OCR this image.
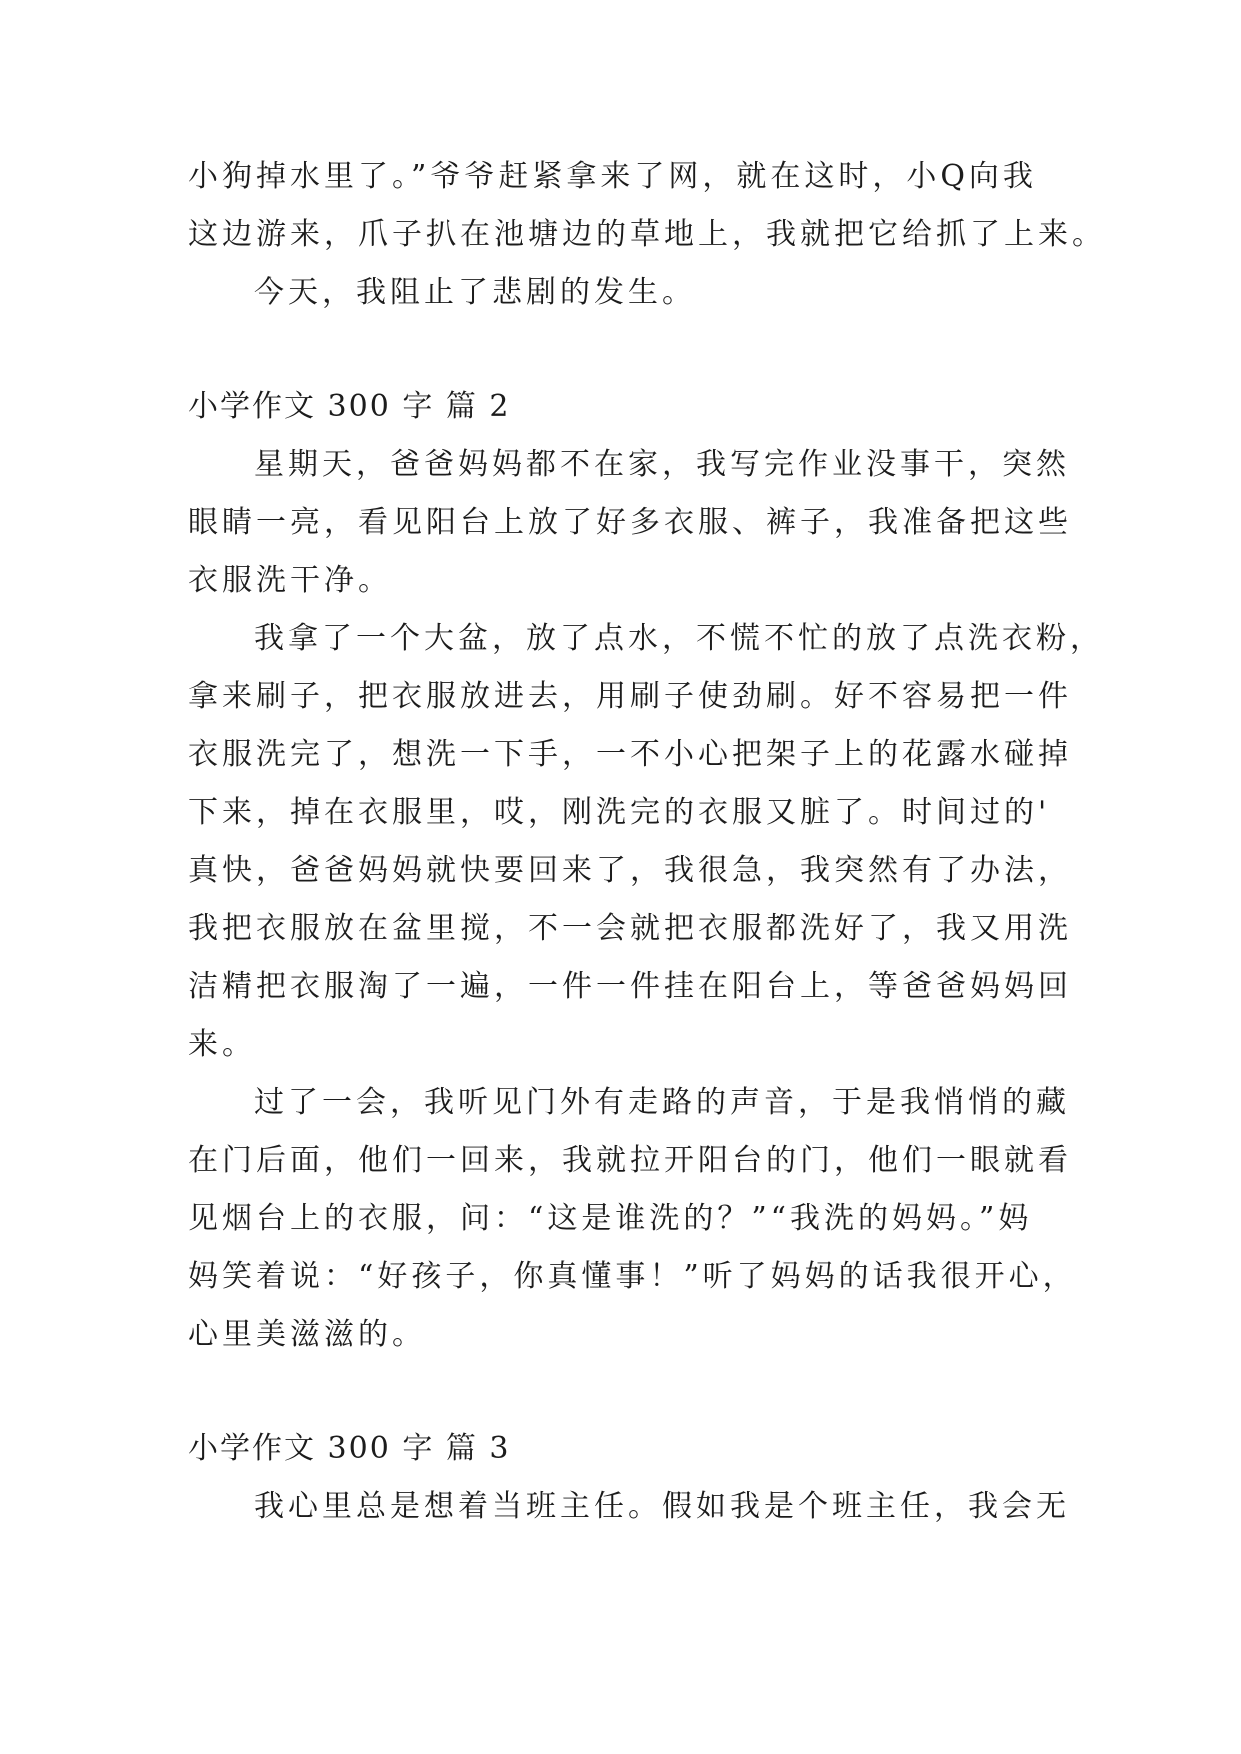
小狗掉水里了。”爷爷赶紧拿来了网，就在这时，小Q向我
这边游来，爪子扒在池塘边的草地上，我就把它给抓了上来。
今天，我阻止了悲剧的发生。
小学作文 300 字 篇 2
星期天，爸爸妈妈都不在家，我写完作业没事干，突然
眼睛一亮，看见阳台上放了好多衣服、裤子，我准备把这些
衣服洗干净。
我拿了一个大盆，放了点水，不慌不忙的放了点洗衣粉，
拿来刷子，把衣服放进去，用刷子使劲刷。好不容易把一件
衣服洗完了，想洗一下手，一不小心把架子上的花露水碰掉
下来，掉在衣服里，哎，刚洗完的衣服又脏了。时间过的'
真快，爸爸妈妈就快要回来了，我很急，我突然有了办法，
我把衣服放在盆里搅，不一会就把衣服都洗好了，我又用洗
洁精把衣服淘了一遍，一件一件挂在阳台上，等爸爸妈妈回
来。
过了一会，我听见门外有走路的声音，于是我悄悄的藏
在门后面，他们一回来，我就拉开阳台的门，他们一眼就看
见烟台上的衣服，问：“这是谁洗的？”“我洗的妈妈。”妈
妈笑着说：“好孩子，你真懂事！”听了妈妈的话我很开心，
心里美滋滋的。
小学作文 300 字 篇 3
我心里总是想着当班主任。假如我是个班主任，我会无
